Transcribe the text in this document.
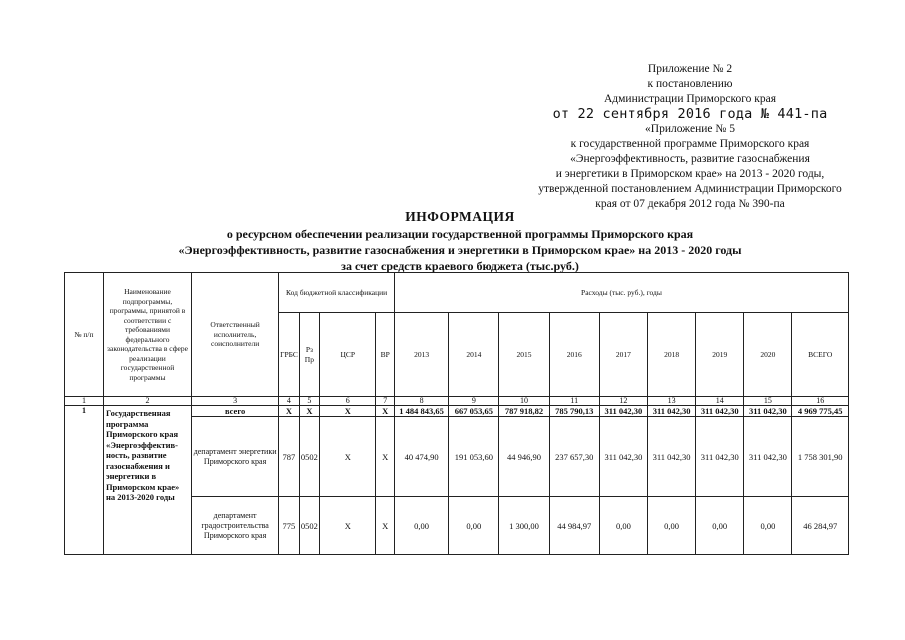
Приложение № 2
к постановлению
Администрации Приморского края
от 22 сентября 2016 года № 441-па
«Приложение № 5
к государственной программе Приморского края
«Энергоэффективность, развитие газоснабжения
и энергетики в Приморском крае» на 2013 - 2020 годы,
утвержденной постановлением Администрации Приморского
края от 07 декабря 2012 года № 390-па
ИНФОРМАЦИЯ
о ресурсном обеспечении реализации государственной программы Приморского края
«Энергоэффективность, развитие газоснабжения и энергетики в Приморском крае» на 2013 - 2020 годы
за счет средств краевого бюджета (тыс.руб.)
№ п/п	Наименование подпрограммы, программы, принятой в соответствии с требованиями федерального законодательства в сфере реализации государственной программы	Ответственный исполнитель, соисполнители	Код бюджетной классификации				Расходы (тыс. руб.), годы								
			ГРБС	Рз Пр	ЦСР	ВР	2013	2014	2015	2016	2017	2018	2019	2020	ВСЕГО
1	2	3	4	5	6	7	8	9	10	11	12	13	14	15	16
1	Государственная программа Приморского края «Энергоэффектив-ность, развитие газоснабжения и энергетики в Приморском крае» на 2013-2020 годы	всего	X	X	X	X	1 484 843,65	667 053,65	787 918,82	785 790,13	311 042,30	311 042,30	311 042,30	311 042,30	4 969 775,45
		департамент энергетики Приморского края	787	0502	X	X	40 474,90	191 053,60	44 946,90	237 657,30	311 042,30	311 042,30	311 042,30	311 042,30	1 758 301,90
		департамент градостроительства Приморского края	775	0502	X	X	0,00	0,00	1 300,00	44 984,97	0,00	0,00	0,00	0,00	46 284,97
